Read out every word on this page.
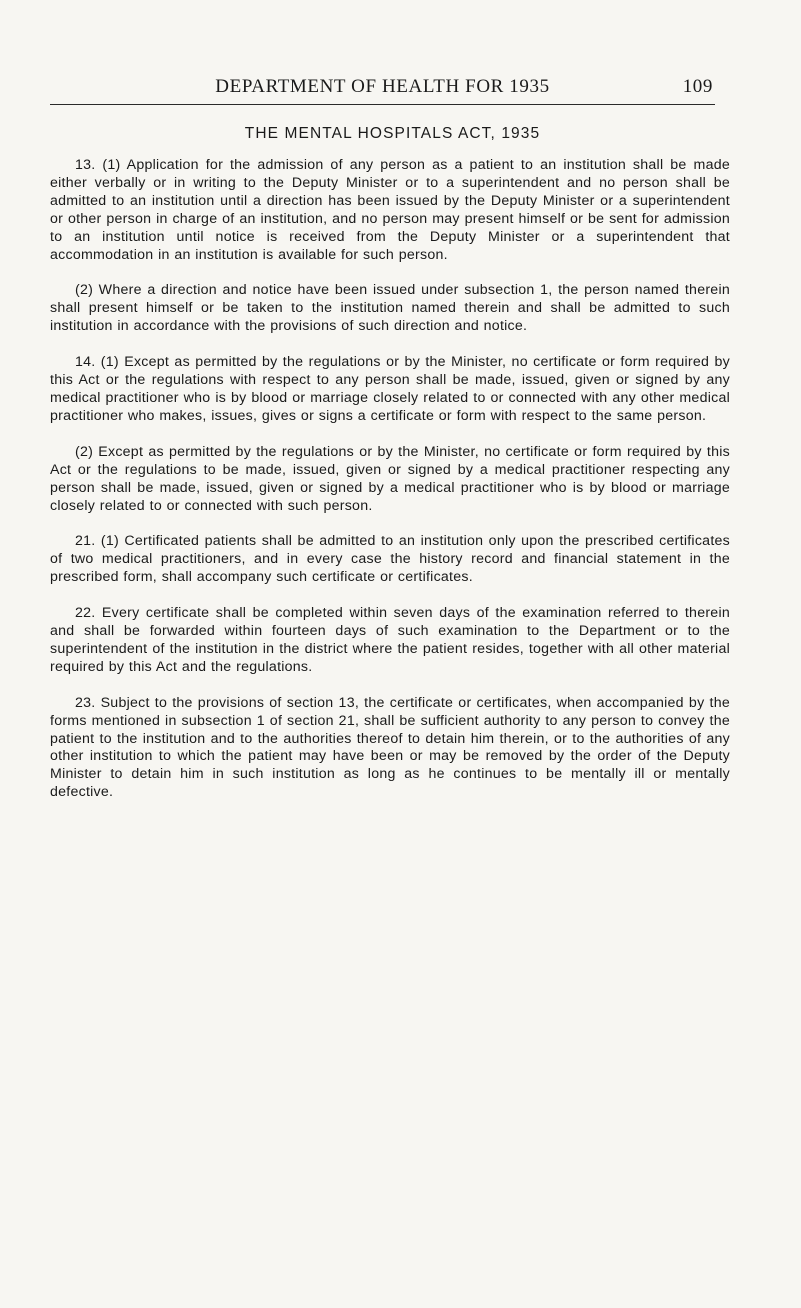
DEPARTMENT OF HEALTH FOR 1935	109
THE MENTAL HOSPITALS ACT, 1935

13. (1) Application for the admission of any person as a patient to an institution shall be made either verbally or in writing to the Deputy Minister or to a superintendent and no person shall be admitted to an institution until a direction has been issued by the Deputy Minister or a superintendent or other person in charge of an institution, and no person may present himself or be sent for admission to an institution until notice is received from the Deputy Minister or a superintendent that accommodation in an institution is available for such person.

(2) Where a direction and notice have been issued under subsection 1, the person named therein shall present himself or be taken to the institution named therein and shall be admitted to such institution in accordance with the provisions of such direction and notice.

14. (1) Except as permitted by the regulations or by the Minister, no certificate or form required by this Act or the regulations with respect to any person shall be made, issued, given or signed by any medical practitioner who is by blood or marriage closely related to or connected with any other medical practitioner who makes, issues, gives or signs a certificate or form with respect to the same person.

(2) Except as permitted by the regulations or by the Minister, no certificate or form required by this Act or the regulations to be made, issued, given or signed by a medical practitioner respecting any person shall be made, issued, given or signed by a medical practitioner who is by blood or marriage closely related to or connected with such person.

21. (1) Certificated patients shall be admitted to an institution only upon the prescribed certificates of two medical practitioners, and in every case the history record and financial statement in the prescribed form, shall accompany such certificate or certificates.

22. Every certificate shall be completed within seven days of the examination referred to therein and shall be forwarded within fourteen days of such examination to the Department or to the superintendent of the institution in the district where the patient resides, together with all other material required by this Act and the regulations.

23. Subject to the provisions of section 13, the certificate or certificates, when accompanied by the forms mentioned in subsection 1 of section 21, shall be sufficient authority to any person to convey the patient to the institution and to the authorities thereof to detain him therein, or to the authorities of any other institution to which the patient may have been or may be removed by the order of the Deputy Minister to detain him in such institution as long as he continues to be mentally ill or mentally defective.
